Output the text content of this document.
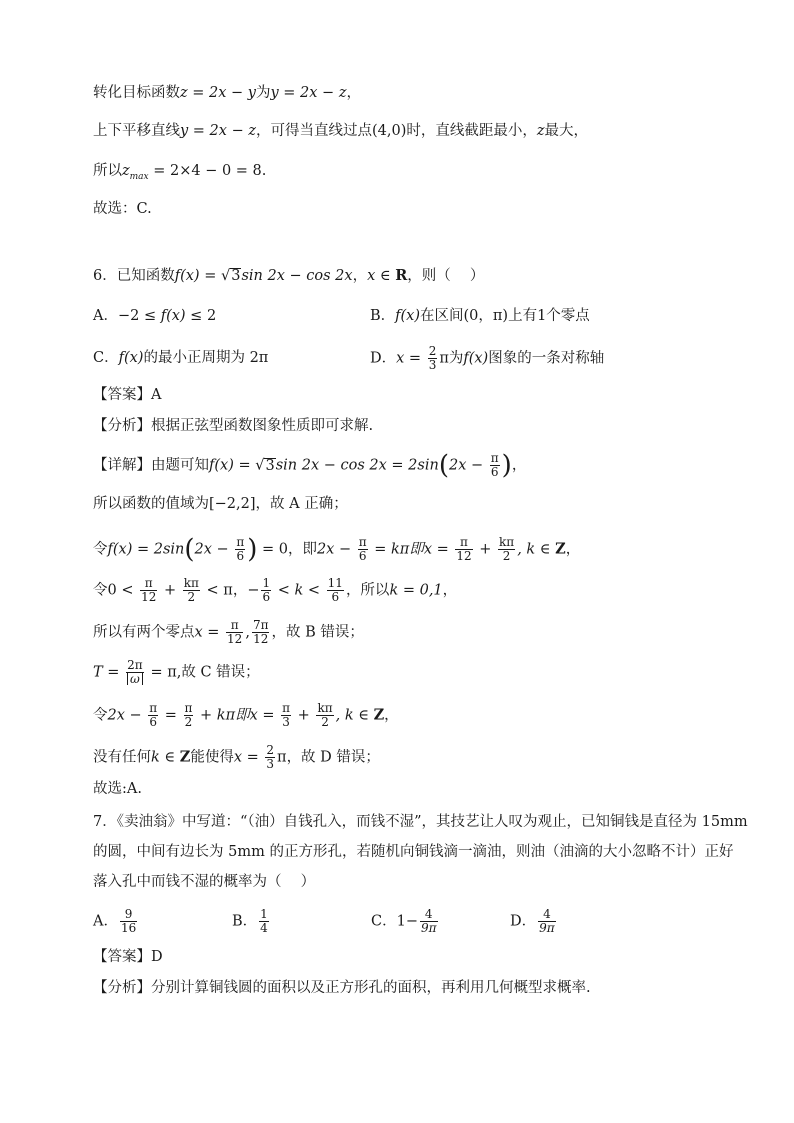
转化目标函数z = 2x − y为y = 2x − z，
上下平移直线y = 2x − z，可得当直线过点(4,0)时，直线截距最小，z最大，
所以$z_{max} = 2\times 4 - 0 = 8$.
故选：C.
6．已知函数f(x) = √3sin 2x − cos 2x，x ∈ R，则（　 ）
A．−2 ≤ f(x) ≤ 2	B．f(x)在区间(0，π)上有1个零点
C．f(x)的最小正周期为 2π	D．$x = \frac{2}{3}$ π为f(x)图象的一条对称轴
【答案】A
【分析】根据正弦型函数图象性质即可求解.
【详解】由题可知f(x) = √3sin $2x - \cos 2x = 2\sin(2x - \frac{\pi}{6}$ )，
所以函数的值域为[−2,2]，故 A 正确；
令$f(x) = 2\sin(2x - \frac{\pi}{6}$ ) = 0，即$2x - \frac{\pi}{6} = k\pi$即$x = \frac{\pi}{12} + \frac{k\pi}{2}$ , k ∈ Z，
令$0 < \frac{\pi}{12} + \frac{k\pi}{2} < \pi$，− $\frac{1}{6} < k < \frac{11}{6}$ ，所以k = 0,1，
所以有两个零点$x = \frac{\pi}{12}$ , $\frac{7\pi}{12}$ ，故 B 错误；
$T = \frac{2\pi}{\omega} = \pi$,故 C 错误；
令$2x - \frac{\pi}{6} = \frac{\pi}{2} + k\pi$即$x = \frac{\pi}{3} + \frac{k\pi}{2}$ , k ∈ Z，
没有任何k ∈ Z能使得$x = \frac{2}{3}$ π，故 D 错误；
故选:A.
7．《卖油翁》中写道：“（油）自钱孔入，而钱不湿”，其技艺让人叹为观止，已知铜钱是直径为 15mm
的圆，中间有边长为 5mm 的正方形孔，若随机向铜钱滴一滴油，则油（油滴的大小忽略不计）正好
落入孔中而钱不湿的概率为（　 ）
A． $\frac{9}{16}$	B． $\frac{1}{4}$	C．$1- \frac{4}{9\pi}$	D． $\frac{4}{9\pi}$
【答案】D
【分析】分别计算铜钱圆的面积以及正方形孔的面积，再利用几何概型求概率.
